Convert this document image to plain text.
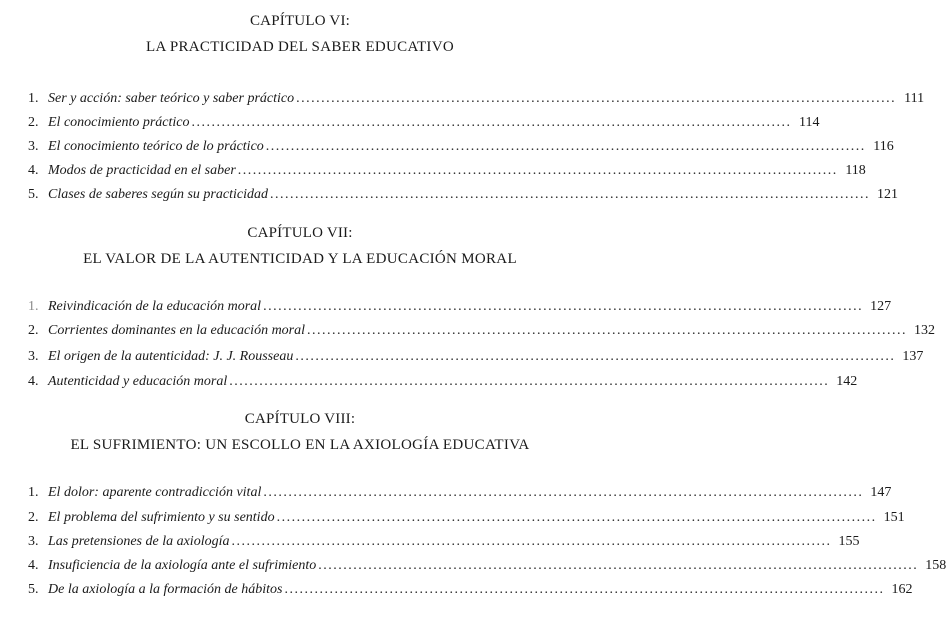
CAPÍTULO VI:
LA PRACTICIDAD DEL SABER EDUCATIVO
1. Ser y acción: saber teórico y saber práctico ........................................................................................................................ 111
2. El conocimiento práctico ........................................................................................................................ 114
3. El conocimiento teórico de lo práctico ........................................................................................................................ 116
4. Modos de practicidad en el saber ........................................................................................................................ 118
5. Clases de saberes según su practicidad ........................................................................................................................ 121
CAPÍTULO VII:
EL VALOR DE LA AUTENTICIDAD Y LA EDUCACIÓN MORAL
1. Reivindicación de la educación moral ........................................................................................................................ 127
2. Corrientes dominantes en la educación moral ........................................................................................................................ 132
3. El origen de la autenticidad: J. J. Rousseau ........................................................................................................................ 137
4. Autenticidad y educación moral ........................................................................................................................ 142
CAPÍTULO VIII:
EL SUFRIMIENTO: UN ESCOLLO EN LA AXIOLOGÍA EDUCATIVA
1. El dolor: aparente contradicción vital ........................................................................................................................ 147
2. El problema del sufrimiento y su sentido ........................................................................................................................ 151
3. Las pretensiones de la axiología ........................................................................................................................ 155
4. Insuficiencia de la axiología ante el sufrimiento ........................................................................................................................ 158
5. De la axiología a la formación de hábitos ........................................................................................................................ 162
